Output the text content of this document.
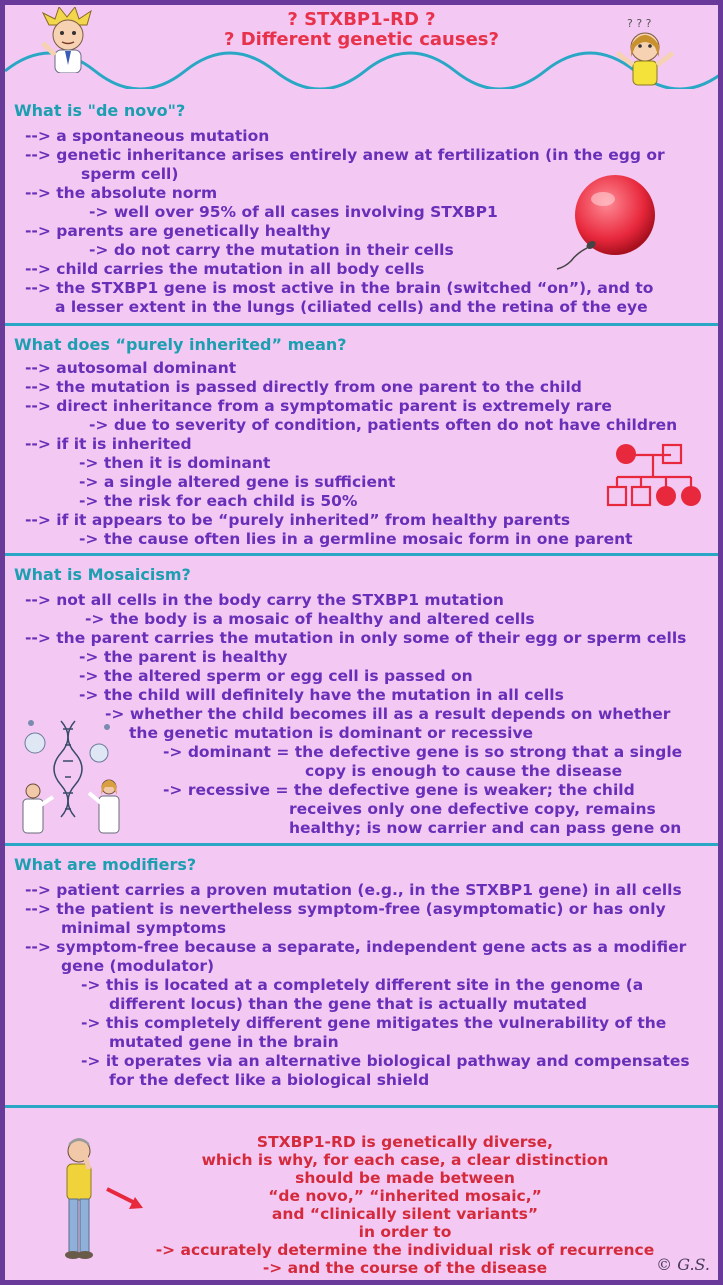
? STXBP1-RD ?
? Different genetic causes?
? ? ?
What is "de novo"?
--> a spontaneous mutation
--> genetic inheritance arises entirely anew at fertilization (in the egg or
sperm cell)
--> the absolute norm
-> well over 95% of all cases involving STXBP1
--> parents are genetically healthy
-> do not carry the mutation in their cells
--> child carries the mutation in all body cells
--> the STXBP1 gene is most active in the brain (switched “on”), and to
a lesser extent in the lungs (ciliated cells) and the retina of the eye
What does “purely inherited” mean?
--> autosomal dominant
--> the mutation is passed directly from one parent to the child
--> direct inheritance from a symptomatic parent is extremely rare
-> due to severity of condition, patients often do not have children
--> if it is inherited
-> then it is dominant
-> a single altered gene is sufficient
-> the risk for each child is 50%
--> if it appears to be “purely inherited” from healthy parents
-> the cause often lies in a germline mosaic form in one parent
What is Mosaicism?
--> not all cells in the body carry the STXBP1 mutation
-> the body is a mosaic of healthy and altered cells
--> the parent carries the mutation in only some of their egg or sperm cells
-> the parent is healthy
-> the altered sperm or egg cell is passed on
-> the child will definitely have the mutation in all cells
-> whether the child becomes ill as a result depends on whether
the genetic mutation is dominant or recessive
-> dominant = the defective gene is so strong that a single
copy is enough to cause the disease
-> recessive = the defective gene is weaker; the child
receives only one defective copy, remains
healthy; is now carrier and can pass gene on
What are modifiers?
--> patient carries a proven mutation (e.g., in the STXBP1 gene) in all cells
--> the patient is nevertheless symptom-free (asymptomatic) or has only
minimal symptoms
--> symptom-free because a separate, independent gene acts as a modifier
gene (modulator)
-> this is located at a completely different site in the genome (a
different locus) than the gene that is actually mutated
-> this completely different gene mitigates the vulnerability of the
mutated gene in the brain
-> it operates via an alternative biological pathway and compensates
for the defect like a biological shield
STXBP1-RD is genetically diverse,
which is why, for each case, a clear distinction
should be made between
“de novo,” “inherited mosaic,”
and “clinically silent variants”
in order to
-> accurately determine the individual risk of recurrence
-> and the course of the disease	© G.S.
